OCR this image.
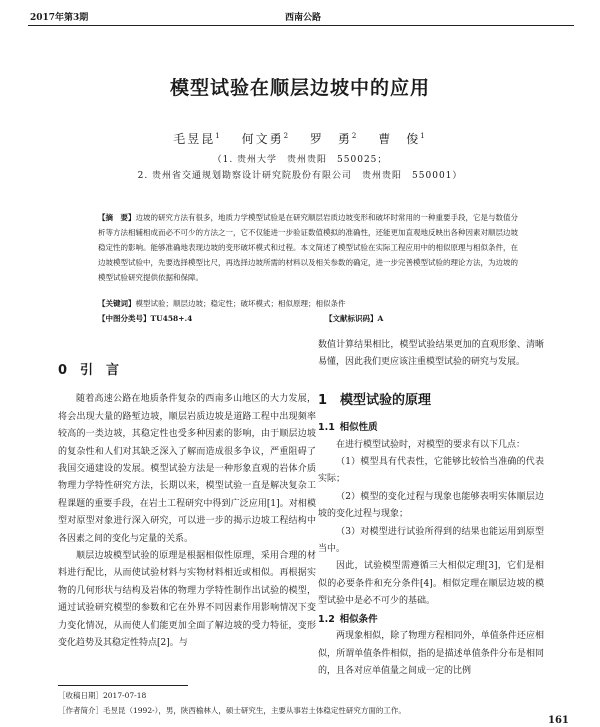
2017年第3期	西南公路
模型试验在顺层边坡中的应用
毛昱昆$^1$  何文勇$^2$  罗　勇$^2$  曹　俊$^1$
（1. 贵州大学　贵州贵阳　550025；
2. 贵州省交通规划勘察设计研究院股份有限公司　贵州贵阳　550001）
【摘　要】边坡的研究方法有很多，地质力学模型试验是在研究顺层岩质边坡变形和破坏时常用的一种重要手段，它是与数值分析等方法相辅相成而必不可少的方法之一，它不仅能进一步验证数值模拟的准确性，还能更加直观地反映出各种因素对顺层边坡稳定性的影响。能够准确地表现边坡的变形破坏模式和过程。本文简述了模型试验在实际工程应用中的相似原理与相似条件，在边坡模型试验中，先要选择模型比尺，再选择边坡所需的材料以及相关参数的确定，进一步完善模型试验的理论方法，为边坡的模型试验研究提供依据和保障。
【关键词】模型试验；顺层边坡；稳定性；破坏模式；相似原理；相似条件
【中图分类号】TU458+.4	【文献标识码】A
0  引　言

随着高速公路在地质条件复杂的西南多山地区的大力发展，将会出现大量的路堑边坡，顺层岩质边坡是道路工程中出现频率较高的一类边坡，其稳定性也受多种因素的影响，由于顺层边坡的复杂性和人们对其缺乏深入了解而造成很多争议，严重阻碍了我国交通建设的发展。模型试验方法是一种形象直观的岩体介质物理力学特性研究方法，长期以来，模型试验一直是解决复杂工程课题的重要手段，在岩土工程研究中得到广泛应用[1]。对相模型对原型对象进行深入研究，可以进一步的揭示边坡工程结构中各因素之间的变化与定量的关系。

顺层边坡模型试验的原理是根据相似性原理，采用合理的材料进行配比，从而使试验材料与实物材料相近或相似。再根据实物的几何形状与结构及岩体的物理力学特性制作出试验的模型，通过试验研究模型的参数和它在外界不同因素作用影响情况下变力变化情况，从而使人们能更加全面了解边坡的受力特征，变形变化趋势及其稳定性特点[2]。与

数值计算结果相比，模型试验结果更加的直观形象、清晰易懂，因此我们更应该注重模型试验的研究与发展。

1  模型试验的原理
1.1  相似性质

在进行模型试验时，对模型的要求有以下几点：

（1）模型具有代表性，它能够比较恰当准确的代表实际；

（2）模型的变化过程与现象也能够表明实体顺层边坡的变化过程与现象；

（3）对模型进行试验所得到的结果也能运用到原型当中。

因此，试验模型需遵循三大相似定理[3]，它们是相似的必要条件和充分条件[4]。相似定理在顺层边坡的模型试验中是必不可少的基础。

1.2  相似条件

两现象相似，除了物理方程相同外，单值条件还应相似，所谓单值条件相似，指的是描述单值条件分布是相同的，且各对应单值量之间成一定的比例

［收稿日期］2017-07-18
［作者简介］毛昱昆（1992-），男，陕西榆林人，硕士研究生，主要从事岩土体稳定性研究方面的工作。
161
